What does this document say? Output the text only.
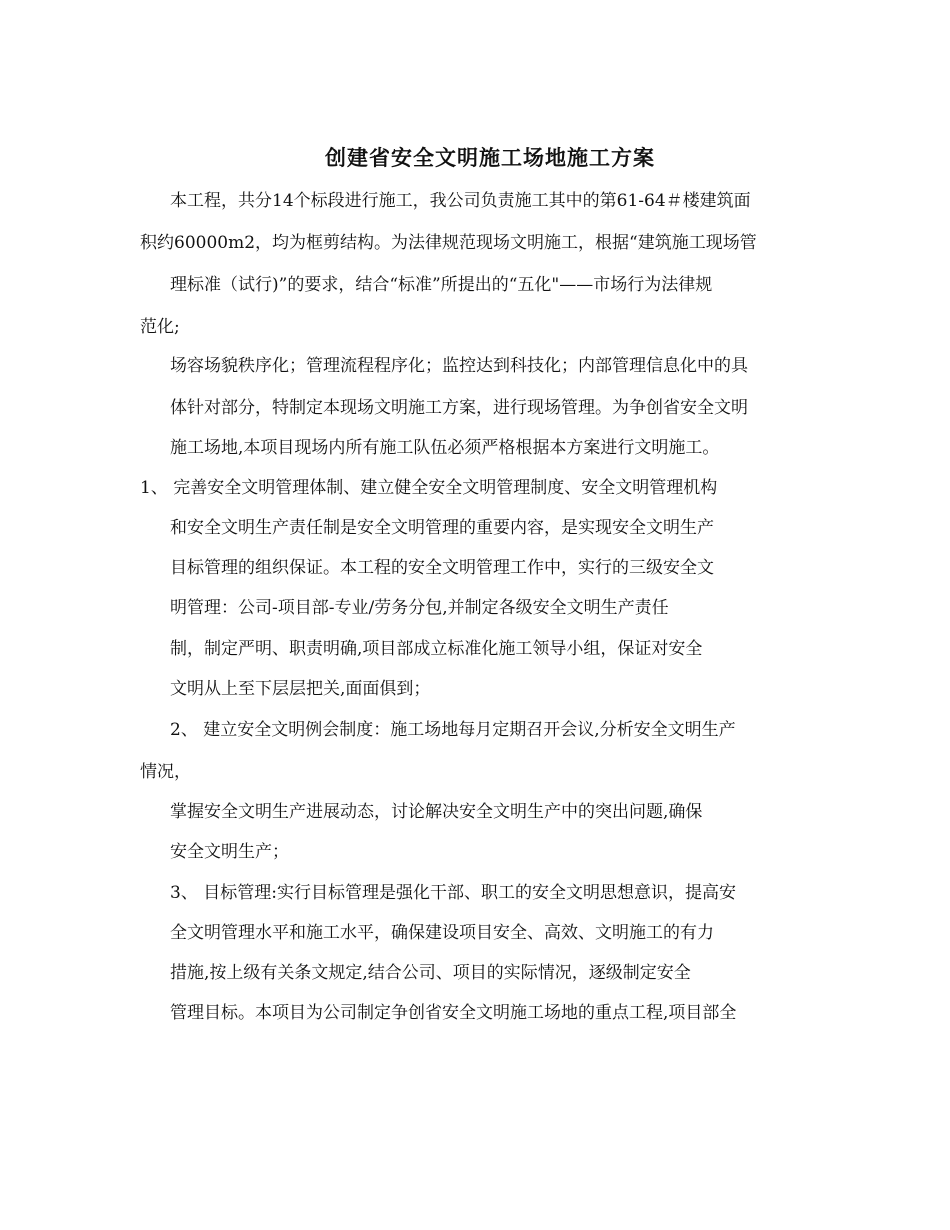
创建省安全文明施工场地施工方案
本工程，共分14个标段进行施工，我公司负责施工其中的第61-64＃楼建筑面
积约60000m2，均为框剪结构。为法律规范现场文明施工，根据“建筑施工现场管
理标准（试行)”的要求，结合“标准”所提出的“五化"——市场行为法律规
范化;
场容场貌秩序化；管理流程程序化；监控达到科技化；内部管理信息化中的具
体针对部分，特制定本现场文明施工方案，进行现场管理。为争创省安全文明
施工场地,本项目现场内所有施工队伍必须严格根据本方案进行文明施工。
1、 完善安全文明管理体制、建立健全安全文明管理制度、安全文明管理机构
和安全文明生产责任制是安全文明管理的重要内容，是实现安全文明生产
目标管理的组织保证。本工程的安全文明管理工作中，实行的三级安全文
明管理：公司-项目部-专业/劳务分包,并制定各级安全文明生产责任
制，制定严明、职责明确,项目部成立标准化施工领导小组，保证对安全
文明从上至下层层把关,面面俱到；
2、 建立安全文明例会制度：施工场地每月定期召开会议,分析安全文明生产
情况，
掌握安全文明生产进展动态，讨论解决安全文明生产中的突出问题,确保
安全文明生产；
3、 目标管理:实行目标管理是强化干部、职工的安全文明思想意识，提高安
全文明管理水平和施工水平，确保建设项目安全、高效、文明施工的有力
措施,按上级有关条文规定,结合公司、项目的实际情况，逐级制定安全
管理目标。本项目为公司制定争创省安全文明施工场地的重点工程,项目部全
